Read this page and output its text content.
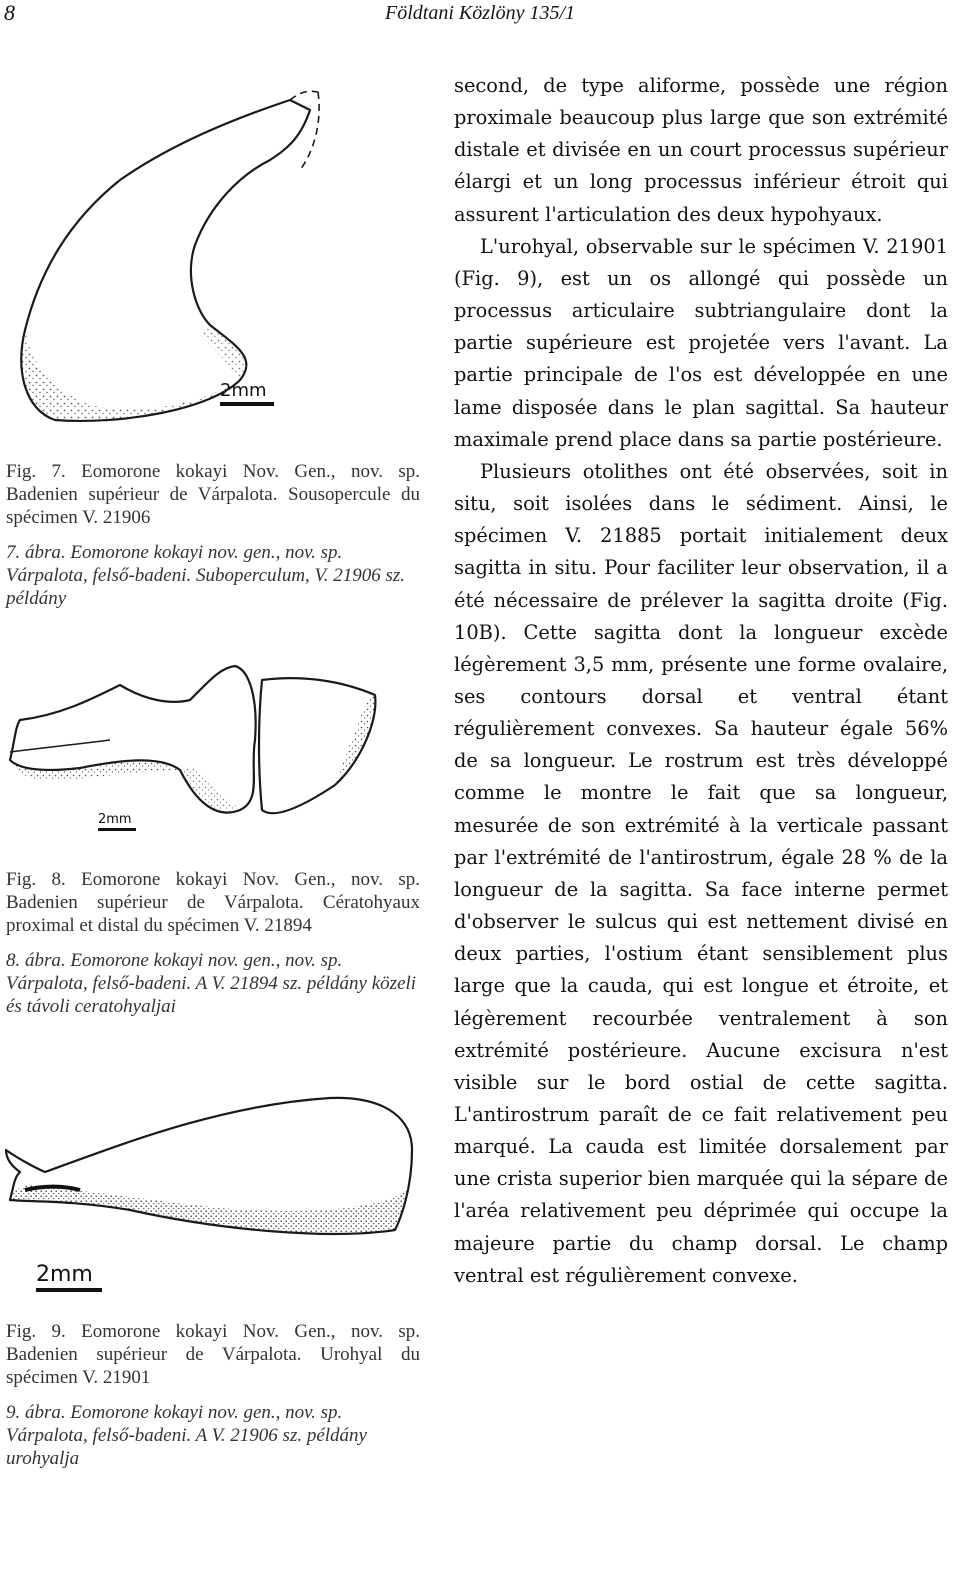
8	Földtani Közlöny 135/1
2mm

Fig. 7. Eomorone kokayi Nov. Gen., nov. sp. Badenien supérieur de Várpalota. Sousopercule du spécimen V. 21906

7. ábra. Eomorone kokayi nov. gen., nov. sp. Várpalota, felső-badeni. Suboperculum, V. 21906 sz. példány

2mm

Fig. 8. Eomorone kokayi Nov. Gen., nov. sp. Badenien supérieur de Várpalota. Cératohyaux proximal et distal du spécimen V. 21894

8. ábra. Eomorone kokayi nov. gen., nov. sp. Várpalota, felső-badeni. A V. 21894 sz. példány közeli és távoli ceratohyaljai

2mm

Fig. 9. Eomorone kokayi Nov. Gen., nov. sp. Badenien supérieur de Várpalota. Urohyal du spécimen V. 21901

9. ábra. Eomorone kokayi nov. gen., nov. sp. Várpalota, felső-badeni. A V. 21906 sz. példány urohyalja

second, de type aliforme, possède une région proximale beaucoup plus large que son extrémité distale et divisée en un court processus supérieur élargi et un long processus inférieur étroit qui assurent l'articulation des deux hypohyaux.

L'urohyal, observable sur le spécimen V. 21901 (Fig. 9), est un os allongé qui possède un processus articulaire subtriangulaire dont la partie supérieure est projetée vers l'avant. La partie principale de l'os est développée en une lame disposée dans le plan sagittal. Sa hauteur maximale prend place dans sa partie postérieure.

Plusieurs otolithes ont été observées, soit in situ, soit isolées dans le sédiment. Ainsi, le spécimen V. 21885 portait initialement deux sagitta in situ. Pour faciliter leur observation, il a été nécessaire de prélever la sagitta droite (Fig. 10B). Cette sagitta dont la longueur excède légèrement 3,5 mm, présente une forme ovalaire, ses contours dorsal et ventral étant régulièrement convexes. Sa hauteur égale 56% de sa longueur. Le rostrum est très développé comme le montre le fait que sa longueur, mesurée de son extrémité à la verticale passant par l'extrémité de l'antirostrum, égale 28 % de la longueur de la sagitta. Sa face interne permet d'observer le sulcus qui est nettement divisé en deux parties, l'ostium étant sensiblement plus large que la cauda, qui est longue et étroite, et légèrement recourbée ventralement à son extrémité postérieure. Aucune excisura n'est visible sur le bord ostial de cette sagitta. L'antirostrum paraît de ce fait relativement peu marqué. La cauda est limitée dorsalement par une crista superior bien marquée qui la sépare de l'aréa relativement peu déprimée qui occupe la majeure partie du champ dorsal. Le champ ventral est régulièrement convexe.
